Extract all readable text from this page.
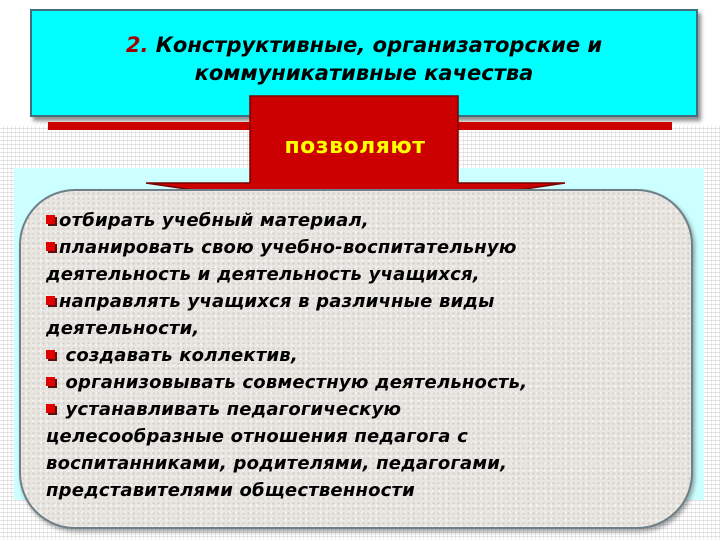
2. Конструктивные, организаторские и
коммуникативные качества
позволяют
отбирать учебный материал,
планировать свою учебно-воспитательную
деятельность и деятельность учащихся,
направлять учащихся в различные виды
деятельности,
создавать коллектив,
организовывать совместную деятельность,
устанавливать педагогическую
целесообразные отношения педагога с
воспитанниками, родителями, педагогами,
представителями общественности
